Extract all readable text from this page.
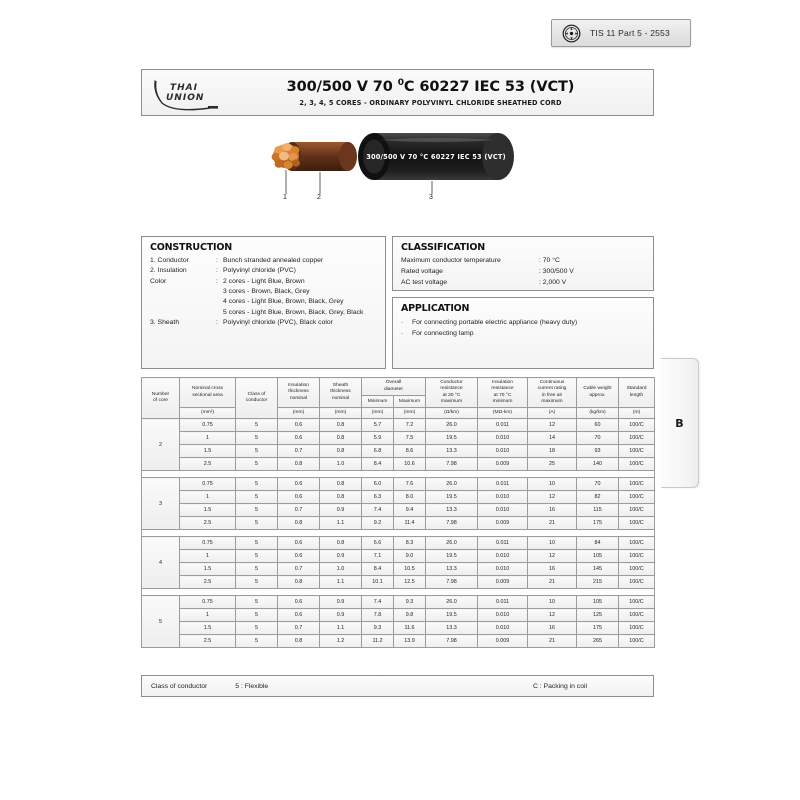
TIS 11 Part 5 - 2553
THAI
UNION
300/500 V 70 $^0$C 60227 IEC 53 (VCT)
2, 3, 4, 5 CORES - ORDINARY POLYVINYL CHLORIDE SHEATHED CORD
300/500 V 70 °C 60227 IEC 53 (VCT)
1	2	3
CONSTRUCTION
1. Conductor	: Bunch stranded annealed copper
2. Insulation	: Polyvinyl chloride (PVC)
Color	: 2 cores - Light Blue, Brown
3 cores - Brown, Black, Grey
4 cores - Light Blue, Brown, Black, Grey
5 cores - Light Blue, Brown, Black, Grey, Black
3. Sheath	: Polyvinyl chloride (PVC), Black color
CLASSIFICATION
Maximum conductor temperature	: 70 °C
Rated voltage	: 300/500 V
AC test voltage	: 2,000 V
APPLICATION
·	For connecting portable electric appliance (heavy duty)
·	For connecting lamp
B
Number
of core	Nominal cross
sectional area	Class of
conductor	Insulation
thickness
nominal	Sheath
thickness
nominal	Overall
diameter		Conductor
resistance
at 20 °C
maximum	Insulation
resistance
at 70 °C
minimum	Continuous
current rating
in free air
maximum	Cable weight
approx.	Standard
length
					Minimum	Maximum					
	(mm²)		(mm)	(mm)	(mm)	(mm)	(Ω/km)	(MΩ-km)	(A)	(kg/km)	(m)
2	0.75	5	0.6	0.8	5.7	7.2	26.0	0.011	12	60	100/C
	1	5	0.6	0.8	5.9	7.5	19.5	0.010	14	70	100/C
	1.5	5	0.7	0.8	6.8	8.6	13.3	0.010	18	93	100/C
	2.5	5	0.8	1.0	8.4	10.6	7.98	0.009	25	140	100/C

3	0.75	5	0.6	0.8	6.0	7.6	26.0	0.011	10	70	100/C
	1	5	0.6	0.8	6.3	8.0	19.5	0.010	12	82	100/C
	1.5	5	0.7	0.9	7.4	9.4	13.3	0.010	16	115	100/C
	2.5	5	0.8	1.1	9.2	11.4	7.98	0.009	21	175	100/C

4	0.75	5	0.6	0.8	6.6	8.3	26.0	0.011	10	84	100/C
	1	5	0.6	0.9	7.1	9.0	19.5	0.010	12	105	100/C
	1.5	5	0.7	1.0	8.4	10.5	13.3	0.010	16	145	100/C
	2.5	5	0.8	1.1	10.1	12.5	7.98	0.009	21	215	100/C

5	0.75	5	0.6	0.9	7.4	9.3	26.0	0.011	10	105	100/C
	1	5	0.6	0.9	7.8	9.8	19.5	0.010	12	125	100/C
	1.5	5	0.7	1.1	9.3	11.6	13.3	0.010	16	175	100/C
	2.5	5	0.8	1.2	11.2	13.9	7.98	0.009	21	265	100/C
Class of conductor	5 : Flexible	C : Packing in coil
